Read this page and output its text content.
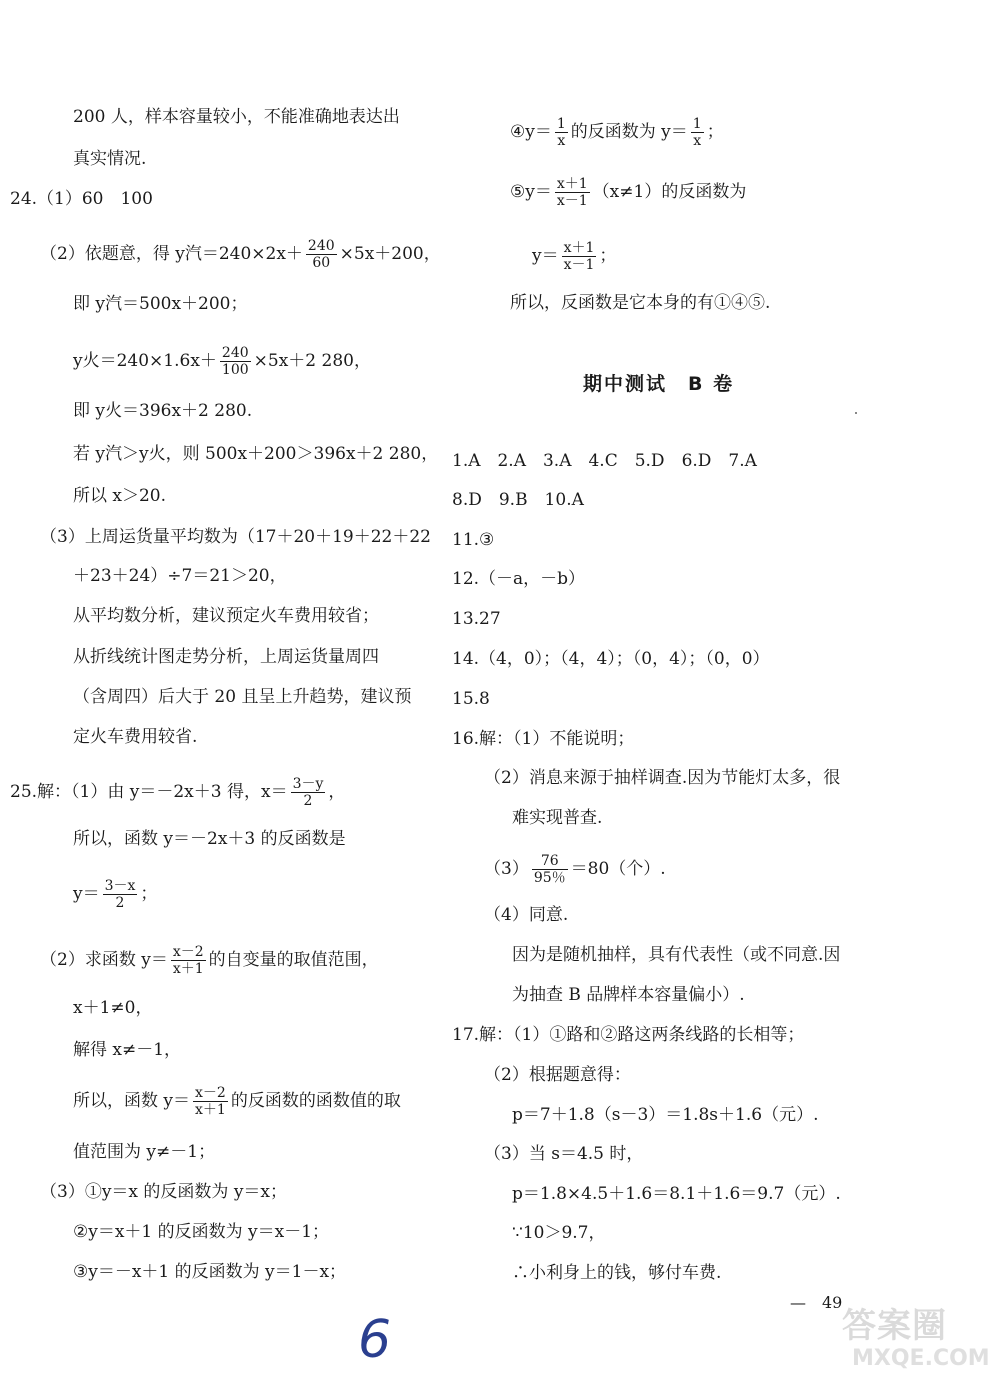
200 人，样本容量较小，不能准确地表达出
真实情况.
24.（1）60　100
（2）依题意，得 y汽$=240\times 2x+ \frac{240}{60} \times 5x+200$，
即 y汽＝500x＋200；
y火$=240\times 1.6x+ \frac{240}{100} \times 5x+2$ 280，
即 y火＝396x＋2 280.
若 y汽＞y火，则 500x＋200＞396x＋2 280，
所以 x＞20.
（3）上周运货量平均数为（17＋20＋19＋22＋22
＋23＋24）÷7＝21＞20，
从平均数分析，建议预定火车费用较省；
从折线统计图走势分析，上周运货量周四
（含周四）后大于 20 且呈上升趋势，建议预
定火车费用较省.
25.解：（1）由 y＝－2x＋3 得，$x= \frac{3-y}{2}$ ，
所以，函数 y＝－2x＋3 的反函数是
$y= \frac{3-x}{2}$ ；
（2）求函数 $y= \frac{x-2}{x+1}$ 的自变量的取值范围，
x＋1≠0，
解得 x≠－1，
所以，函数 $y= \frac{x-2}{x+1}$ 的反函数的函数值的取
值范围为 y≠－1；
（3）①y＝x 的反函数为 y＝x；
②y＝x＋1 的反函数为 y＝x－1；
③y＝－x＋1 的反函数为 y＝1－x；
④y＝ $\frac{1}{x}$ 的反函数为 $y= \frac{1}{x}$ ；
⑤y＝ $\frac{x+1}{x-1} (x\ne 1)$的反函数为
$y= \frac{x+1}{x-1}$ ；
所以，反函数是它本身的有①④⑤.
期中测试　B 卷
1.A　2.A　3.A　4.C　5.D　6.D　7.A
8.D　9.B　10.A
11.③
12.（－a，－b）
13.27
14.（4，0）；（4，4）；（0，4）；（0，0）
15.8
16.解：（1）不能说明；
（2）消息来源于抽样调查.因为节能灯太多，很
难实现普查.
$(3) \frac{76}{95\%} =80$（个）.
（4）同意.
因为是随机抽样，具有代表性（或不同意.因
为抽查 B 品牌样本容量偏小）.
17.解：（1）①路和②路这两条线路的长相等；
（2）根据题意得：
p＝7＋1.8（s－3）＝1.8s＋1.6（元）.
（3）当 s＝4.5 时，
p＝1.8×4.5＋1.6＝8.1＋1.6＝9.7（元）.
∵10＞9.7，
∴小利身上的钱，够付车费.
—　49
6	答案圈
MXQE.COM
